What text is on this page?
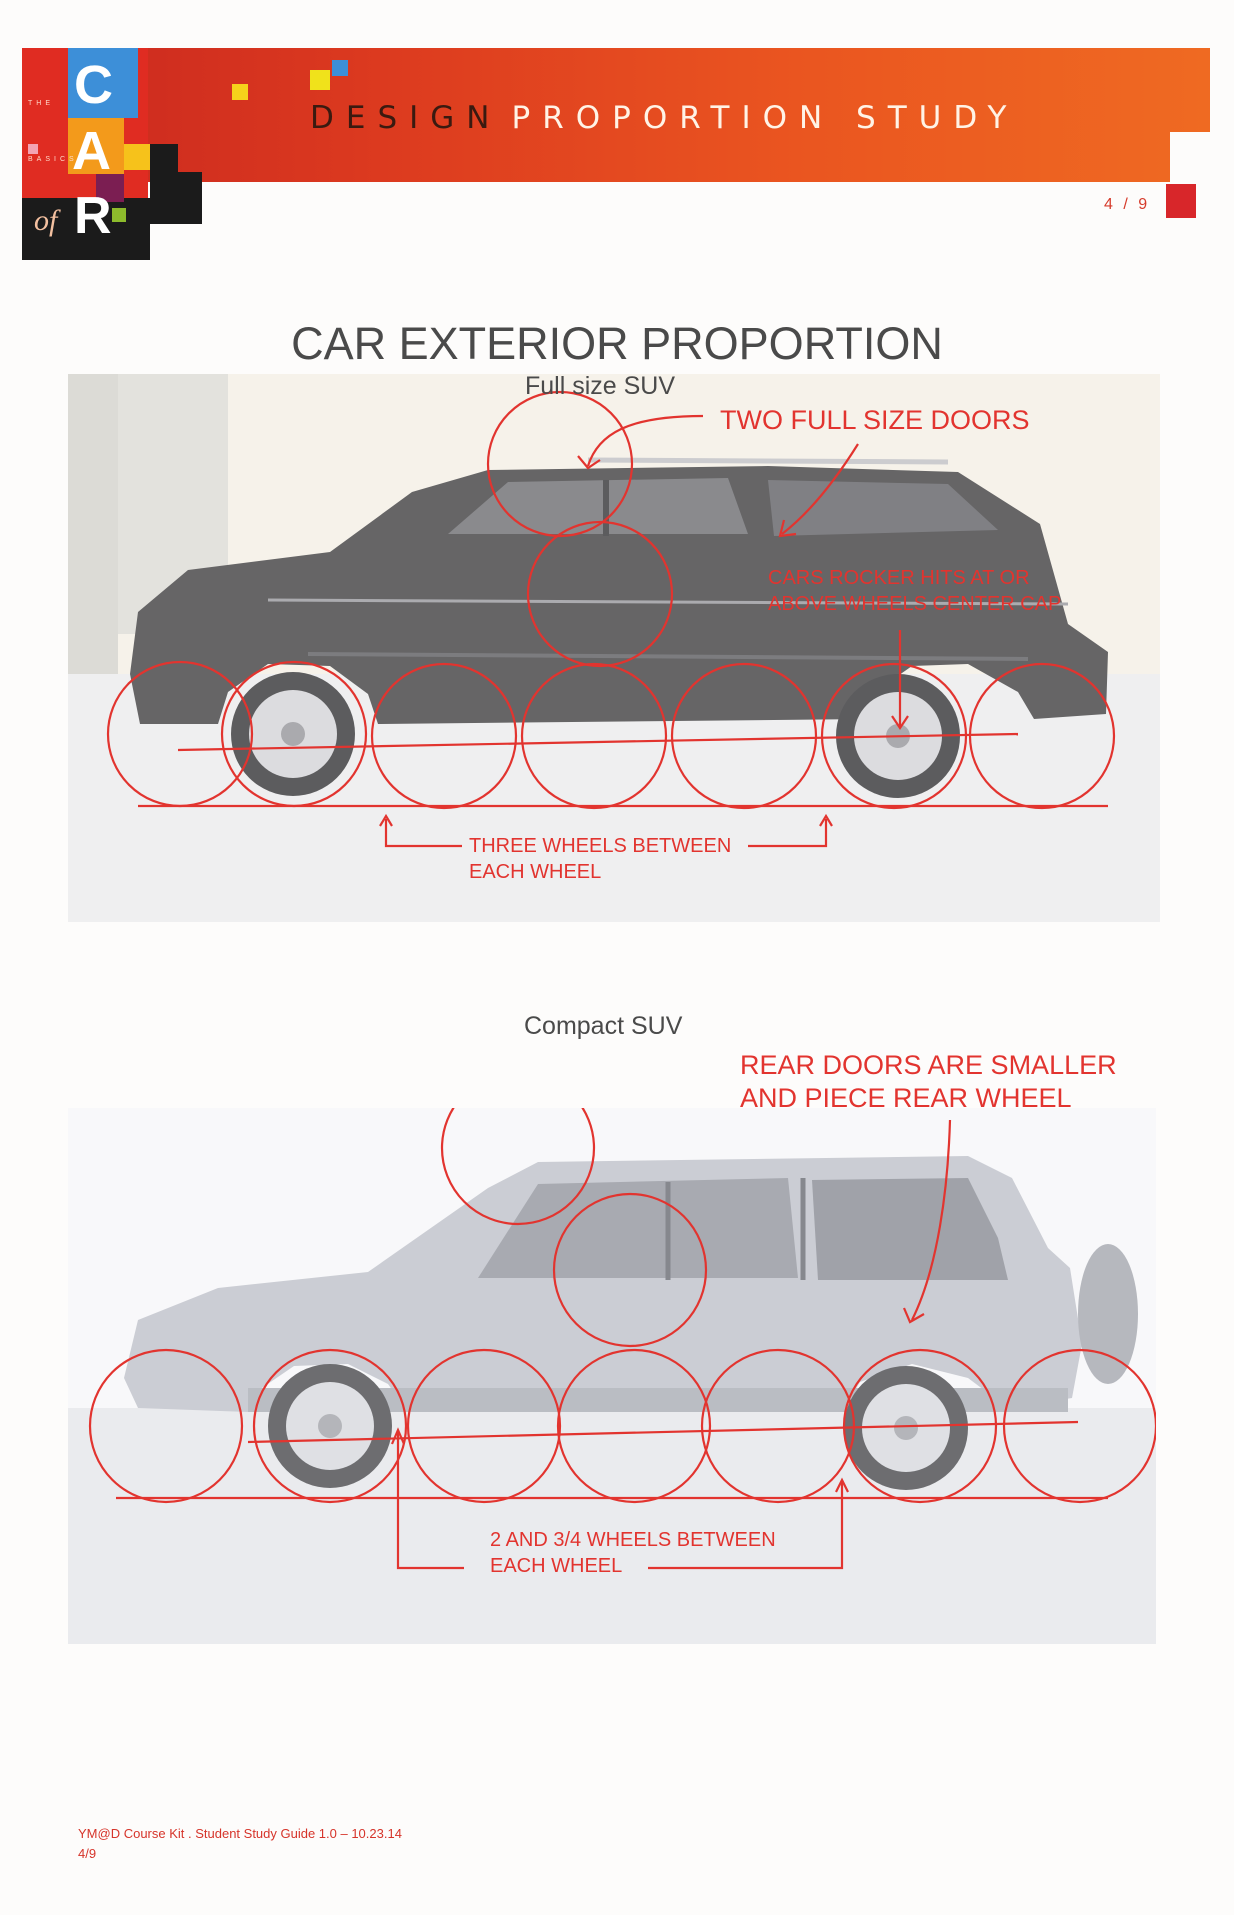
C
A
R
THE
BASICS
of
DESIGN PROPORTION STUDY
4 / 9
CAR EXTERIOR PROPORTION
Full size SUV
TWO FULL SIZE DOORS
CARS ROCKER HITS AT OR
ABOVE WHEELS CENTER CAP
THREE WHEELS BETWEEN
EACH WHEEL
Compact SUV
REAR DOORS ARE SMALLER
AND PIECE REAR WHEEL
2 AND 3/4 WHEELS BETWEEN
EACH WHEEL
YM@D Course Kit . Student Study Guide 1.0 – 10.23.14
4/9
